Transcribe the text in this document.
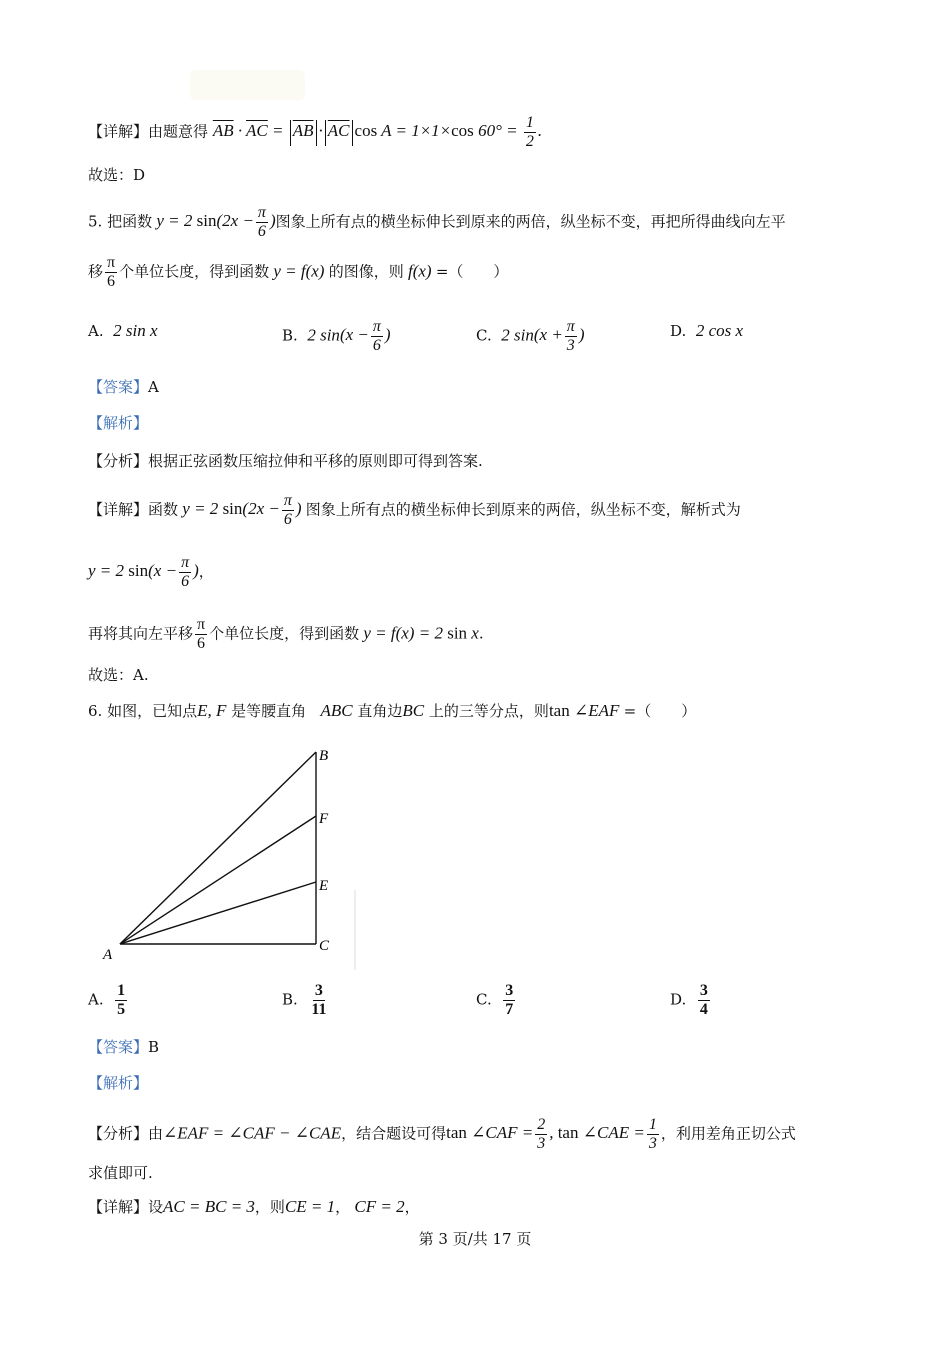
【详解】由题意得 $\overline{AB} \cdot \overline{AC} = \overline{AB} \cdot \overline{AC}$ cos A = 1×1×cos $60^\circ = \frac{1}{2}$ .
故选：D
5. 把函数 y = 2 $\sin(2x - \frac{\pi}{6}$ )图象上所有点的横坐标伸长到原来的两倍，纵坐标不变，再把所得曲线向左平
移 $\frac{\pi}{6}$ 个单位长度，得到函数 y = f(x) 的图像，则 f(x) =（　　）
A. 2 sin x	B. 2 $\sin(x - \frac{\pi}{6}$ )	C. 2 $\sin(x + \frac{\pi}{3}$ )	D. 2 cos x
【答案】A
【解析】
【分析】根据正弦函数压缩拉伸和平移的原则即可得到答案.
【详解】函数 y = 2 $\sin(2x - \frac{\pi}{6}$ ) 图象上所有点的横坐标伸长到原来的两倍，纵坐标不变，解析式为
y = 2 $\sin(x - \frac{\pi}{6}$ )，
再将其向左平移 $\frac{\pi}{6}$ 个单位长度，得到函数 y = f(x) = 2 sin x.
故选：A.
6. 如图，已知点E, F 是等腰直角 ABC 直角边BC 上的三等分点，则tan ∠EAF =（　　）
B
F
E
C
A
A. $\frac{1}{5}$	B. $\frac{3}{11}$	C. $\frac{3}{7}$	D. $\frac{3}{4}$
【答案】B
【解析】
【分析】由∠EAF = ∠CAF − ∠CAE，结合题设可得tan ∠CAF = $\frac{2}{3}$ , tan ∠CAE = $\frac{1}{3}$ ，利用差角正切公式
求值即可.
【详解】设AC = BC = 3，则CE = 1， CF = 2，
第 3 页/共 17 页
